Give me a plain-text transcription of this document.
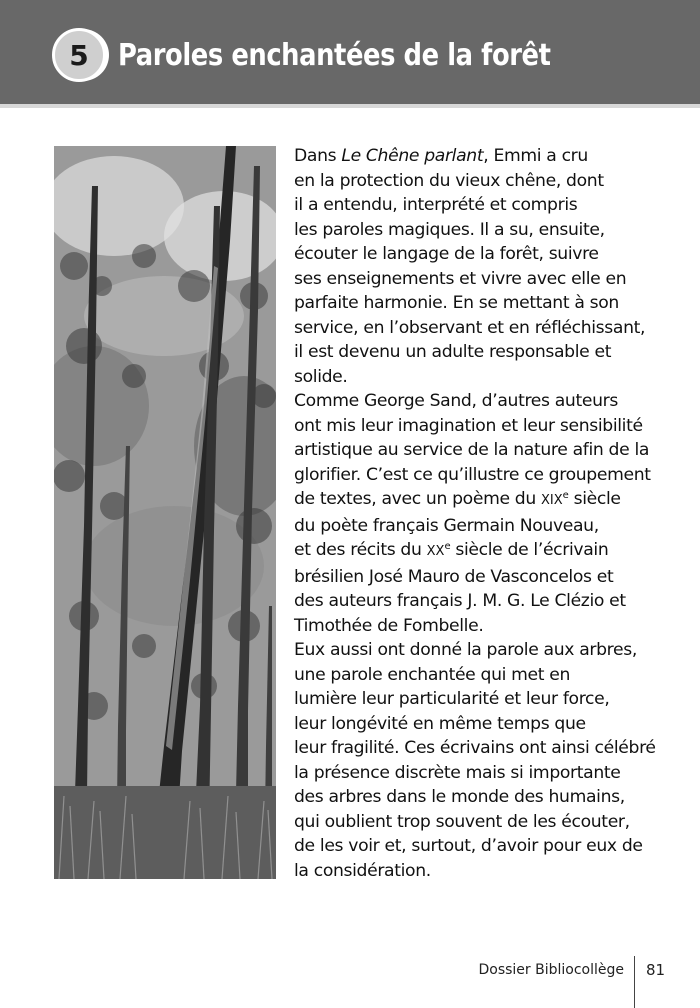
5 Paroles enchantées de la forêt

Dans Le Chêne parlant, Emmi a cru
en la protection du vieux chêne, dont
il a entendu, interprété et compris
les paroles magiques. Il a su, ensuite,
écouter le langage de la forêt, suivre
ses enseignements et vivre avec elle en
parfaite harmonie. En se mettant à son
service, en l’observant et en réfléchissant,
il est devenu un adulte responsable et
solide.

Comme George Sand, d’autres auteurs
ont mis leur imagination et leur sensibilité
artistique au service de la nature afin de la
glorifier. C’est ce qu’illustre ce groupement
de textes, avec un poème du XIXe siècle
du poète français Germain Nouveau,
et des récits du XXe siècle de l’écrivain
brésilien José Mauro de Vasconcelos et
des auteurs français J. M. G. Le Clézio et
Timothée de Fombelle.

Eux aussi ont donné la parole aux arbres,
une parole enchantée qui met en
lumière leur particularité et leur force,
leur longévité en même temps que
leur fragilité. Ces écrivains ont ainsi célébré
la présence discrète mais si importante
des arbres dans le monde des humains,
qui oublient trop souvent de les écouter,
de les voir et, surtout, d’avoir pour eux de
la considération.

Dossier Bibliocollège 81
